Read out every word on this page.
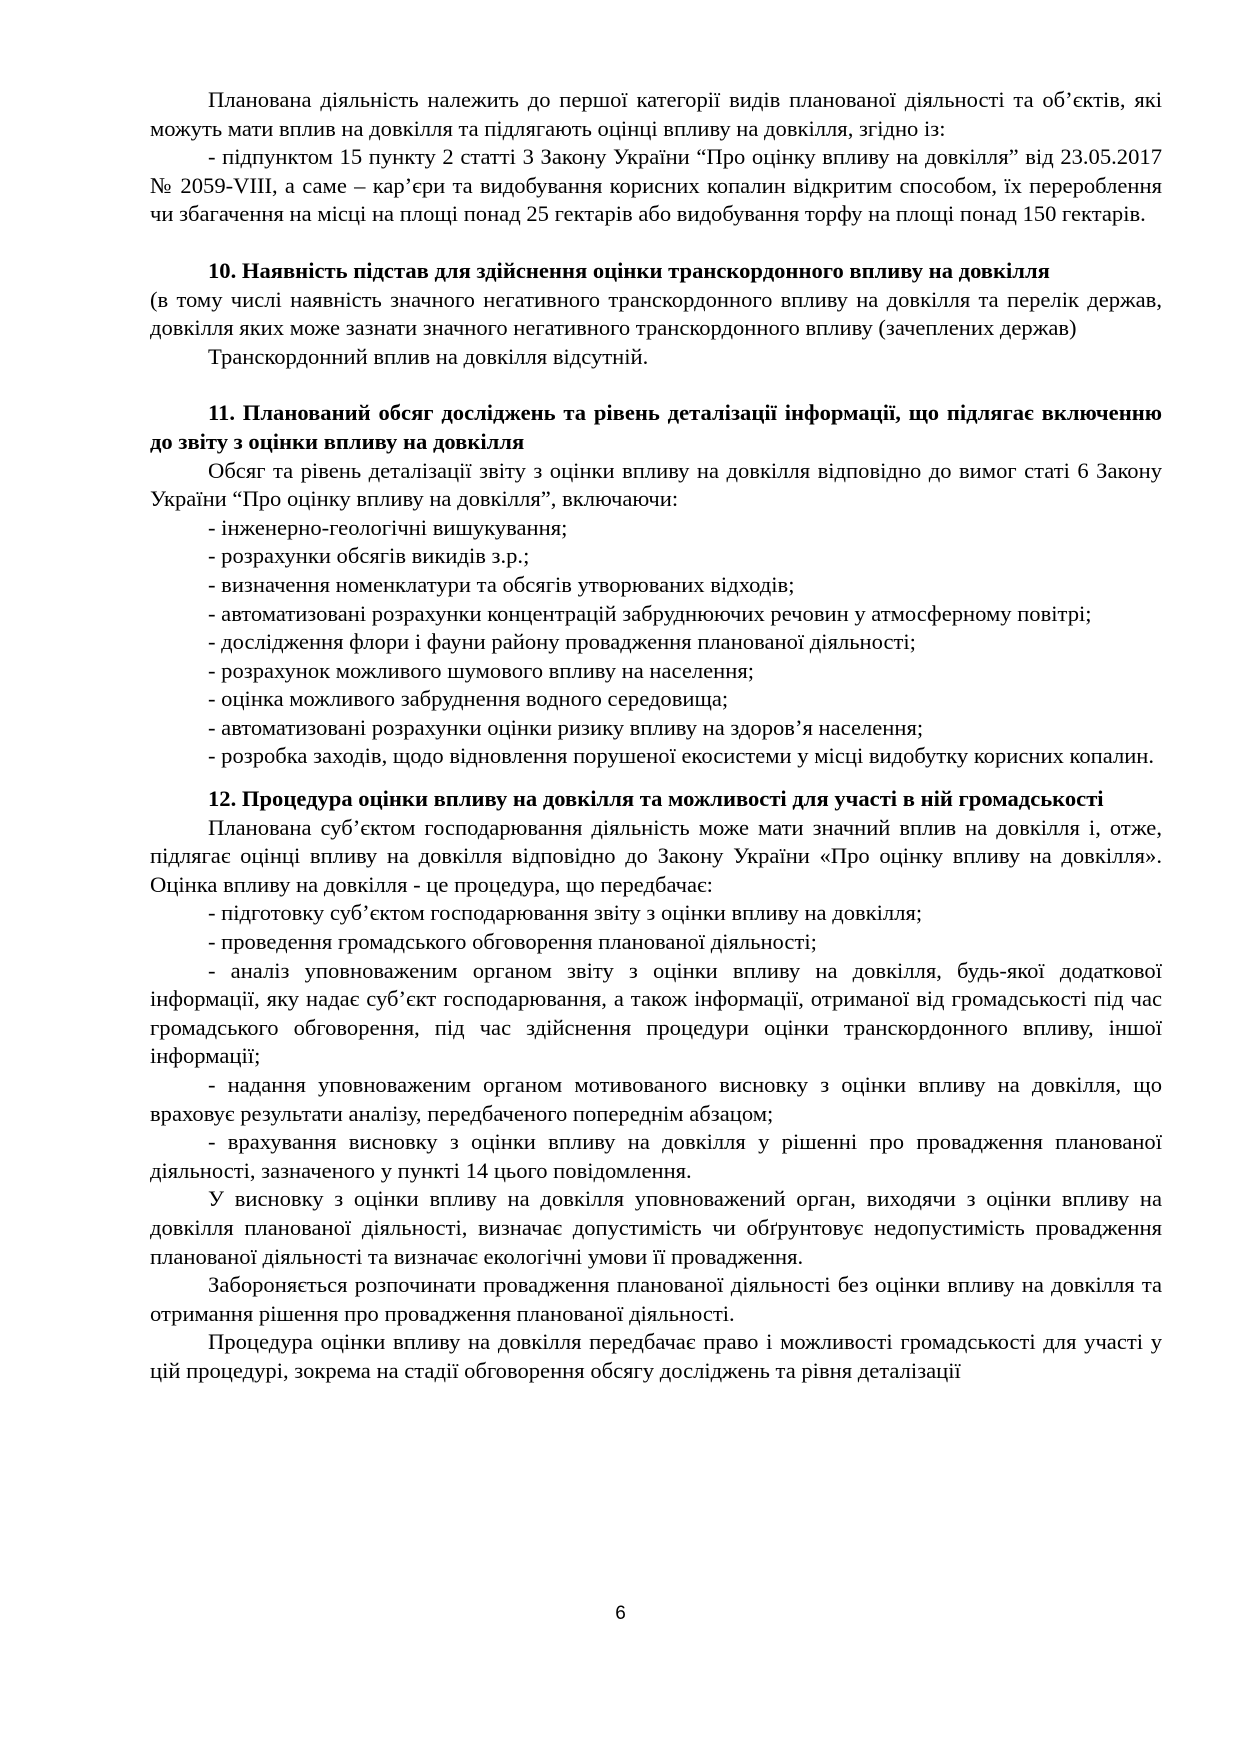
Планована діяльність належить до першої категорії видів планованої діяльності та об’єктів, які можуть мати вплив на довкілля та підлягають оцінці впливу на довкілля, згідно із:

- підпунктом 15 пункту 2 статті 3 Закону України “Про оцінку впливу на довкілля” від 23.05.2017 № 2059-VIII, а саме – кар’єри та видобування корисних копалин відкритим способом, їх перероблення чи збагачення на місці на площі понад 25 гектарів або видобування торфу на площі понад 150 гектарів.

10. Наявність підстав для здійснення оцінки транскордонного впливу на довкілля

(в тому числі наявність значного негативного транскордонного впливу на довкілля та перелік держав, довкілля яких може зазнати значного негативного транскордонного впливу (зачеплених держав)

Транскордонний вплив на довкілля відсутній.

11. Планований обсяг досліджень та рівень деталізації інформації, що підлягає включенню до звіту з оцінки впливу на довкілля

Обсяг та рівень деталізації звіту з оцінки впливу на довкілля відповідно до вимог статі 6 Закону України “Про оцінку впливу на довкілля”, включаючи:

- інженерно-геологічні вишукування;

- розрахунки обсягів викидів з.р.;

- визначення номенклатури та обсягів утворюваних відходів;

- автоматизовані розрахунки концентрацій забруднюючих речовин у атмосферному повітрі;

- дослідження флори і фауни району провадження планованої діяльності;

- розрахунок можливого шумового впливу на населення;

- оцінка можливого забруднення водного середовища;

- автоматизовані розрахунки оцінки ризику впливу на здоров’я населення;

- розробка заходів, щодо відновлення порушеної екосистеми у місці видобутку корисних копалин.

12. Процедура оцінки впливу на довкілля та можливості для участі в ній громадськості

Планована суб’єктом господарювання діяльність може мати значний вплив на довкілля і, отже, підлягає оцінці впливу на довкілля відповідно до Закону України «Про оцінку впливу на довкілля». Оцінка впливу на довкілля - це процедура, що передбачає:

- підготовку суб’єктом господарювання звіту з оцінки впливу на довкілля;

- проведення громадського обговорення планованої діяльності;

- аналіз уповноваженим органом звіту з оцінки впливу на довкілля, будь-якої додаткової інформації, яку надає суб’єкт господарювання, а також інформації, отриманої від громадськості під час громадського обговорення, під час здійснення процедури оцінки транскордонного впливу, іншої інформації;

- надання уповноваженим органом мотивованого висновку з оцінки впливу на довкілля, що враховує результати аналізу, передбаченого попереднім абзацом;

- врахування висновку з оцінки впливу на довкілля у рішенні про провадження планованої діяльності, зазначеного у пункті 14 цього повідомлення.

У висновку з оцінки впливу на довкілля уповноважений орган, виходячи з оцінки впливу на довкілля планованої діяльності, визначає допустимість чи обґрунтовує недопустимість провадження планованої діяльності та визначає екологічні умови її провадження.

Забороняється розпочинати провадження планованої діяльності без оцінки впливу на довкілля та отримання рішення про провадження планованої діяльності.

Процедура оцінки впливу на довкілля передбачає право і можливості громадськості для участі у цій процедурі, зокрема на стадії обговорення обсягу досліджень та рівня деталізації

6
